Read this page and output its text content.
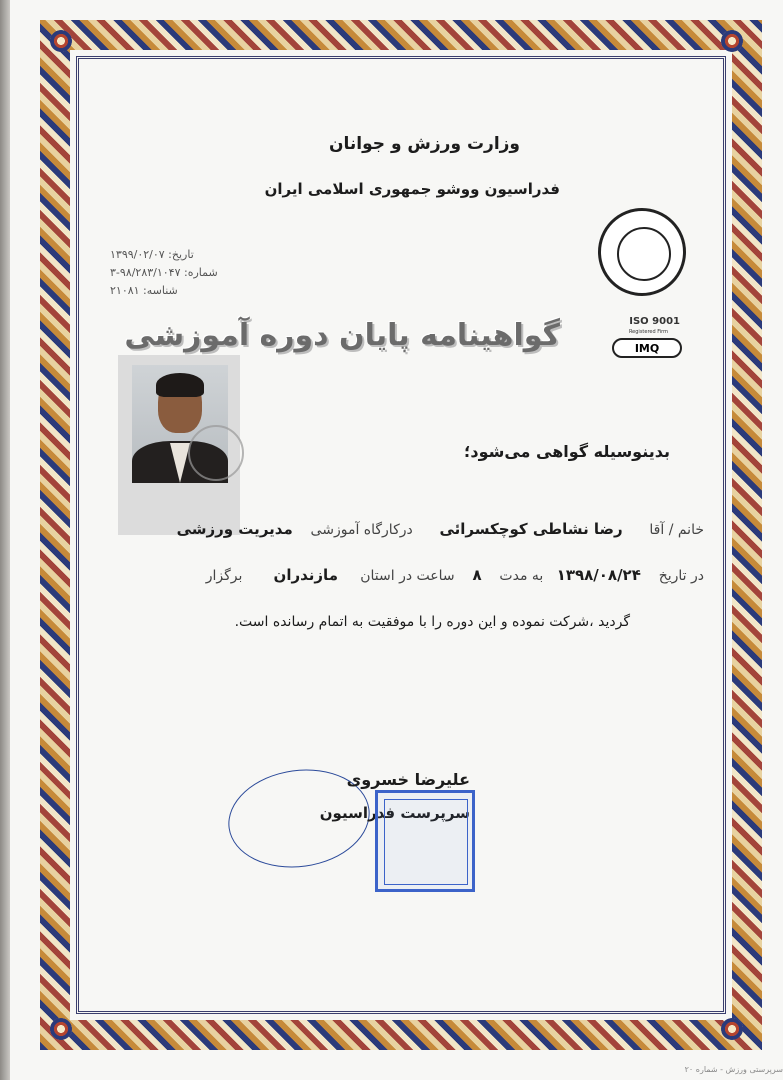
وزارت ورزش و جوانان
فدراسیون ووشو جمهوری اسلامی ایران
تاریخ: ۱۳۹۹/۰۲/۰۷
شماره: ۹۸/۲۸۳/۱۰۴۷-۳
شناسه: ۲۱۰۸۱
ISO 9001
Registered Firm
IMQ
گواهینامه پایان دوره آموزشی
بدینوسیله گواهی می‌شود؛
خانم / آقا      رضا نشاطی کوچکسرائی      درکارگاه آموزشی    مدیریت ورزشی
در تاریخ    ۱۳۹۸/۰۸/۲۴   به مدت    ۸    ساعت در استان     مازندران       برگزار
گردید ،شرکت نموده و این دوره را با موفقیت به اتمام رسانده است.
علیرضا خسروی
سرپرست فدراسیون
سرپرستی ورزش - شماره ۲۰
